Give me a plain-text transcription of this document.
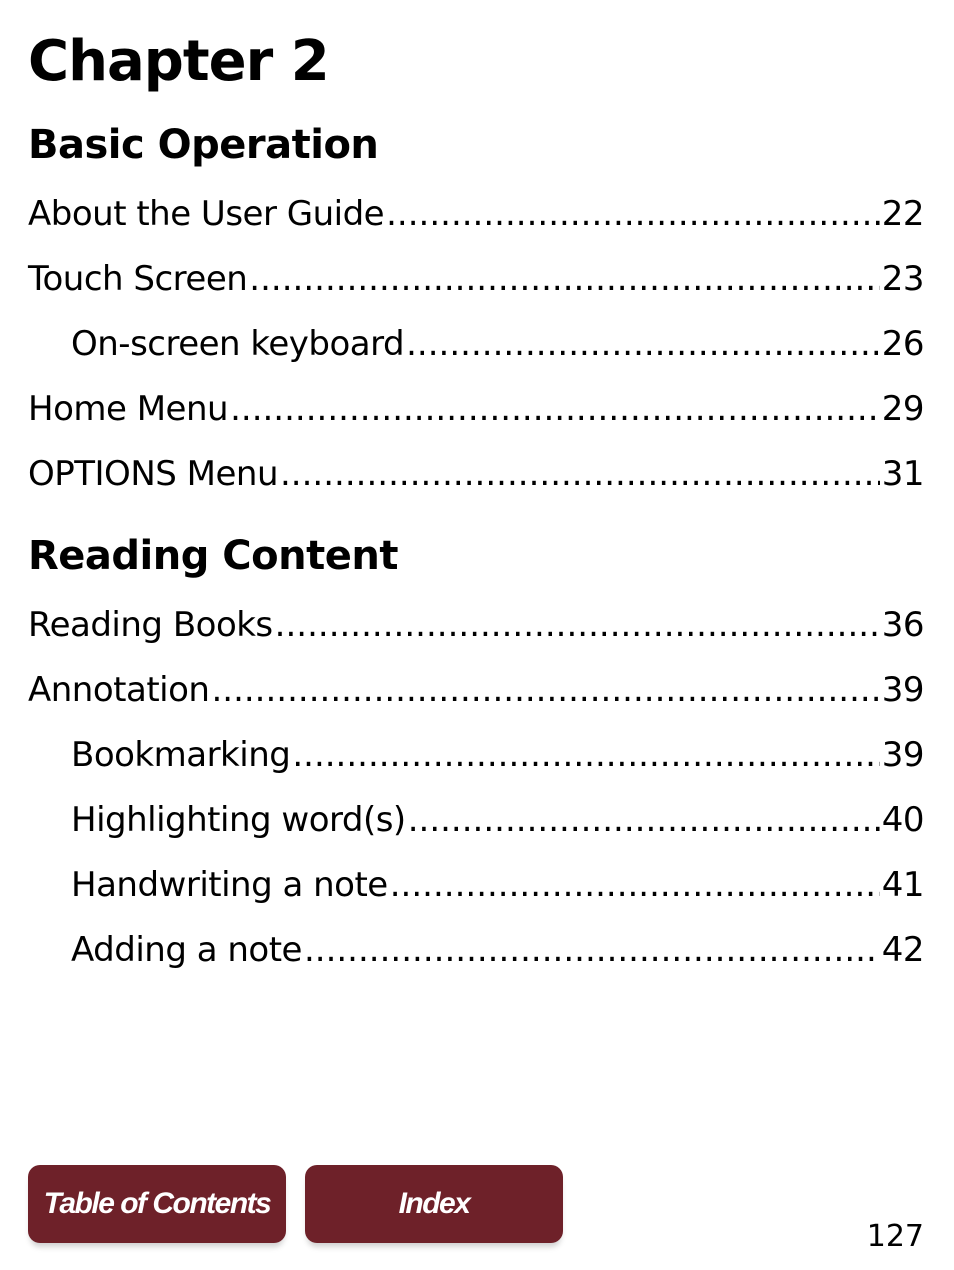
Chapter 2
Basic Operation
About the User Guide .....	22
Touch Screen .....	23
On-screen keyboard .....	26
Home Menu .....	29
OPTIONS Menu .....	31
Reading Content
Reading Books .....	36
Annotation .....	39
Bookmarking .....	39
Highlighting word(s) .....	40
Handwriting a note .....	41
Adding a note .....	42
Table of Contents	Index
127
